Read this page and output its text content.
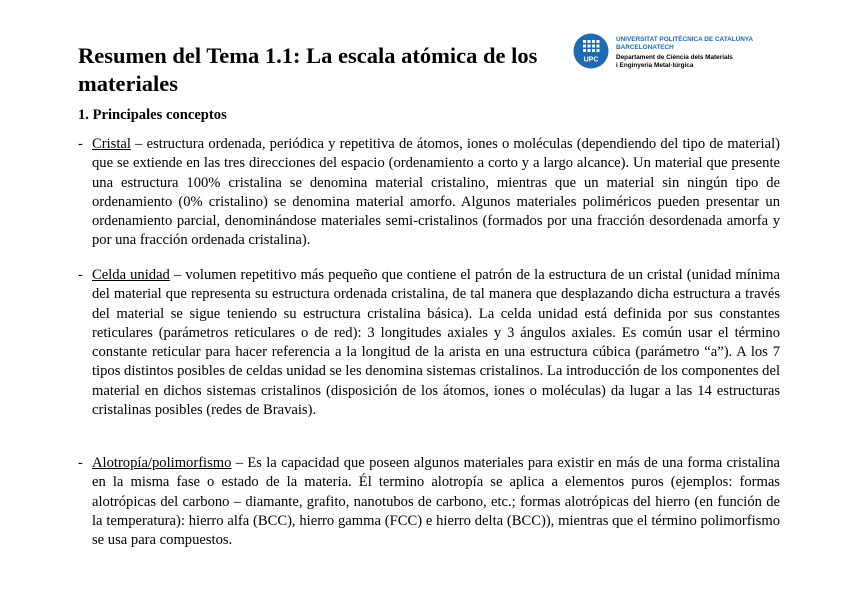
Resumen del Tema 1.1: La escala atómica de los materiales
UPC
UNIVERSITAT POLITÈCNICA DE CATALUNYA
BARCELONATECH
Departament de Ciència dels Materials
i Enginyeria Metal·lúrgica
1. Principales conceptos
- Cristal – estructura ordenada, periódica y repetitiva de átomos, iones o moléculas (dependiendo del tipo de material) que se extiende en las tres direcciones del espacio (ordenamiento a corto y a largo alcance). Un material que presente una estructura 100% cristalina se denomina material cristalino, mientras que un material sin ningún tipo de ordenamiento (0% cristalino) se denomina material amorfo. Algunos materiales poliméricos pueden presentar un ordenamiento parcial, denominándose materiales semi-cristalinos (formados por una fracción desordenada amorfa y por una fracción ordenada cristalina).
- Celda unidad – volumen repetitivo más pequeño que contiene el patrón de la estructura de un cristal (unidad mínima del material que representa su estructura ordenada cristalina, de tal manera que desplazando dicha estructura a través del material se sigue teniendo su estructura cristalina básica). La celda unidad está definida por sus constantes reticulares (parámetros reticulares o de red): 3 longitudes axiales y 3 ángulos axiales. Es común usar el término constante reticular para hacer referencia a la longitud de la arista en una estructura cúbica (parámetro “a”). A los 7 tipos distintos posibles de celdas unidad se les denomina sistemas cristalinos. La introducción de los componentes del material en dichos sistemas cristalinos (disposición de los átomos, iones o moléculas) da lugar a las 14 estructuras cristalinas posibles (redes de Bravais).
- Alotropía/polimorfismo – Es la capacidad que poseen algunos materiales para existir en más de una forma cristalina en la misma fase o estado de la materia. Él termino alotropía se aplica a elementos puros (ejemplos: formas alotrópicas del carbono – diamante, grafito, nanotubos de carbono, etc.; formas alotrópicas del hierro (en función de la temperatura): hierro alfa (BCC), hierro gamma (FCC) e hierro delta (BCC)), mientras que el término polimorfismo se usa para compuestos.
